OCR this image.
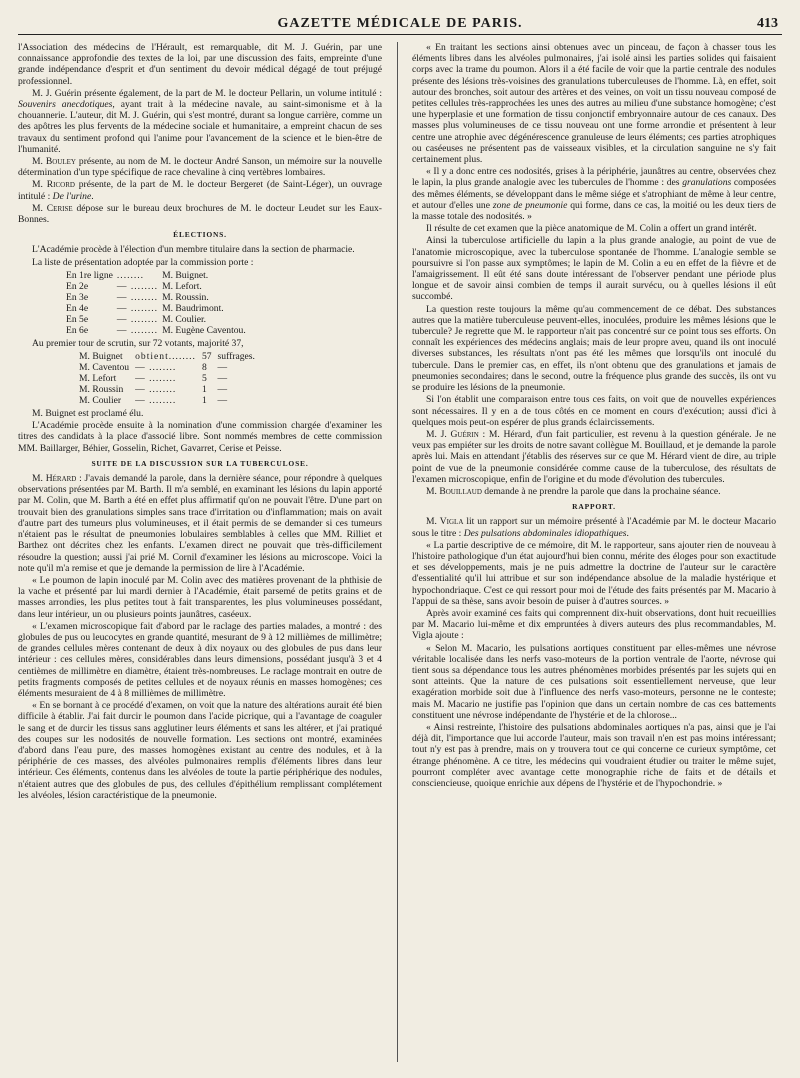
GAZETTE MÉDICALE DE PARIS.	413

l'Association des médecins de l'Hérault, est remarquable, dit M. J. Guérin, par une connaissance approfondie des textes de la loi, par une discussion des faits, empreinte d'une grande indépendance d'esprit et d'un sentiment du devoir médical dégagé de tout préjugé professionnel.

M. J. Guérin présente également, de la part de M. le docteur Pellarin, un volume intitulé : Souvenirs anecdotiques, ayant trait à la médecine navale, au saint-simonisme et à la chouannerie. L'auteur, dit M. J. Guérin, qui s'est montré, durant sa longue carrière, comme un des apôtres les plus fervents de la médecine sociale et humanitaire, a empreint chacun de ses travaux du sentiment profond qui l'anime pour l'avancement de la science et le bien-être de l'humanité.

M. Bouley présente, au nom de M. le docteur André Sanson, un mémoire sur la nouvelle détermination d'un type spécifique de race chevaline à cinq vertèbres lombaires.

M. Ricord présente, de la part de M. le docteur Bergeret (de Saint-Léger), un ouvrage intitulé : De l'urine.

M. Cerise dépose sur le bureau deux brochures de M. le docteur Leudet sur les Eaux-Bonnes.

ÉLECTIONS.

L'Académie procède à l'élection d'un membre titulaire dans la section de pharmacie.

La liste de présentation adoptée par la commission porte :

En 1re ligne	........	M. Buignet.
En 2e	— ........	M. Lefort.
En 3e	— ........	M. Roussin.
En 4e	— ........	M. Baudrimont.
En 5e	— ........	M. Coulier.
En 6e	— ........	M. Eugène Caventou.

Au premier tour de scrutin, sur 72 votants, majorité 37,

M. Buignet	obtient........	57	suffrages.
M. Caventou	— ........	8	—
M. Lefort	— ........	5	—
M. Roussin	— ........	1	—
M. Coulier	— ........	1	—

M. Buignet est proclamé élu.

L'Académie procède ensuite à la nomination d'une commission chargée d'examiner les titres des candidats à la place d'associé libre. Sont nommés membres de cette commission MM. Baillarger, Béhier, Gosselin, Richet, Gavarret, Cerise et Peisse.

SUITE DE LA DISCUSSION SUR LA TUBERCULOSE.

M. Hérard : J'avais demandé la parole, dans la dernière séance, pour répondre à quelques observations présentées par M. Barth. Il m'a semblé, en examinant les lésions du lapin apporté par M. Colin, que M. Barth a été en effet plus affirmatif qu'on ne pouvait l'être. D'une part on trouvait bien des granulations simples sans trace d'irritation ou d'inflammation; mais on avait d'autre part des tumeurs plus volumineuses, et il était permis de se demander si ces tumeurs n'étaient pas le résultat de pneumonies lobulaires semblables à celles que MM. Rilliet et Barthez ont décrites chez les enfants. L'examen direct ne pouvait que très-difficilement résoudre la question; aussi j'ai prié M. Cornil d'examiner les lésions au microscope. Voici la note qu'il m'a remise et que je demande la permission de lire à l'Académie.

« Le poumon de lapin inoculé par M. Colin avec des matières provenant de la phthisie de la vache et présenté par lui mardi dernier à l'Académie, était parsemé de petits grains et de masses arrondies, les plus petites tout à fait transparentes, les plus volumineuses possédant, dans leur intérieur, un ou plusieurs points jaunâtres, caséeux.

« L'examen microscopique fait d'abord par le raclage des parties malades, a montré : des globules de pus ou leucocytes en grande quantité, mesurant de 9 à 12 millièmes de millimètre; de grandes cellules mères contenant de deux à dix noyaux ou des globules de pus dans leur intérieur : ces cellules mères, considérables dans leurs dimensions, possédant jusqu'à 3 et 4 centièmes de millimètre en diamètre, étaient très-nombreuses. Le raclage montrait en outre de petits fragments composés de petites cellules et de noyaux réunis en masses homogènes; ces éléments mesuraient de 4 à 8 millièmes de millimètre.

« En se bornant à ce procédé d'examen, on voit que la nature des altérations aurait été bien difficile à établir. J'ai fait durcir le poumon dans l'acide picrique, qui a l'avantage de coaguler le sang et de durcir les tissus sans agglutiner leurs éléments et sans les altérer, et j'ai pratiqué des coupes sur les nodosités de nouvelle formation. Les sections ont montré, examinées d'abord dans l'eau pure, des masses homogènes existant au centre des nodules, et à la périphérie de ces masses, des alvéoles pulmonaires remplis d'éléments libres dans leur intérieur. Ces éléments, contenus dans les alvéoles de toute la partie périphérique des nodules, n'étaient autres que des globules de pus, des cellules d'épithélium remplissant complétement les alvéoles, lésion caractéristique de la pneumonie.

« En traitant les sections ainsi obtenues avec un pinceau, de façon à chasser tous les éléments libres dans les alvéoles pulmonaires, j'ai isolé ainsi les parties solides qui faisaient corps avec la trame du poumon. Alors il a été facile de voir que la partie centrale des nodules présente des lésions très-voisines des granulations tuberculeuses de l'homme. Là, en effet, soit autour des bronches, soit autour des artères et des veines, on voit un tissu nouveau composé de petites cellules très-rapprochées les unes des autres au milieu d'une substance homogène; c'est une hyperplasie et une formation de tissu conjonctif embryonnaire autour de ces canaux. Des masses plus volumineuses de ce tissu nouveau ont une forme arrondie et présentent à leur centre une atrophie avec dégénérescence granuleuse de leurs éléments; ces parties atrophiques ou caséeuses ne présentent pas de vaisseaux visibles, et la circulation sanguine ne s'y fait certainement plus.

« Il y a donc entre ces nodosités, grises à la périphérie, jaunâtres au centre, observées chez le lapin, la plus grande analogie avec les tubercules de l'homme : des granulations composées des mêmes éléments, se développant dans le même siége et s'atrophiant de même à leur centre, et autour d'elles une zone de pneumonie qui forme, dans ce cas, la moitié ou les deux tiers de la masse totale des nodosités. »

Il résulte de cet examen que la pièce anatomique de M. Colin a offert un grand intérêt.

Ainsi la tuberculose artificielle du lapin a la plus grande analogie, au point de vue de l'anatomie microscopique, avec la tuberculose spontanée de l'homme. L'analogie semble se poursuivre si l'on passe aux symptômes; le lapin de M. Colin a eu en effet de la fièvre et de l'amaigrissement. Il eût été sans doute intéressant de l'observer pendant une période plus longue et de savoir ainsi combien de temps il aurait survécu, ou à quelles lésions il eût succombé.

La question reste toujours la même qu'au commencement de ce débat. Des substances autres que la matière tuberculeuse peuvent-elles, inoculées, produire les mêmes lésions que le tubercule? Je regrette que M. le rapporteur n'ait pas concentré sur ce point tous ses efforts. On connaît les expériences des médecins anglais; mais de leur propre aveu, quand ils ont inoculé diverses substances, les résultats n'ont pas été les mêmes que lorsqu'ils ont inoculé du tubercule. Dans le premier cas, en effet, ils n'ont obtenu que des granulations et jamais de pneumonies secondaires; dans le second, outre la fréquence plus grande des succès, ils ont vu se produire les lésions de la pneumonie.

Si l'on établit une comparaison entre tous ces faits, on voit que de nouvelles expériences sont nécessaires. Il y en a de tous côtés en ce moment en cours d'exécution; aussi d'ici à quelques mois peut-on espérer de plus grands éclaircissements.

M. J. Guérin : M. Hérard, d'un fait particulier, est revenu à la question générale. Je ne veux pas empiéter sur les droits de notre savant collègue M. Bouillaud, et je demande la parole après lui. Mais en attendant j'établis des réserves sur ce que M. Hérard vient de dire, au triple point de vue de la pneumonie considérée comme cause de la tuberculose, des résultats de l'examen microscopique, enfin de l'origine et du mode d'évolution des tubercules.

M. Bouillaud demande à ne prendre la parole que dans la prochaine séance.

RAPPORT.

M. Vigla lit un rapport sur un mémoire présenté à l'Académie par M. le docteur Macario sous le titre : Des pulsations abdominales idiopathiques.

« La partie descriptive de ce mémoire, dit M. le rapporteur, sans ajouter rien de nouveau à l'histoire pathologique d'un état aujourd'hui bien connu, mérite des éloges pour son exactitude et ses développements, mais je ne puis admettre la doctrine de l'auteur sur le caractère d'essentialité qu'il lui attribue et sur son indépendance absolue de la maladie hystérique et hypochondriaque. C'est ce qui ressort pour moi de l'étude des faits présentés par M. Macario à l'appui de sa thèse, sans avoir besoin de puiser à d'autres sources. »

Après avoir examiné ces faits qui comprennent dix-huit observations, dont huit recueillies par M. Macario lui-même et dix empruntées à divers auteurs des plus recommandables, M. Vigla ajoute :

« Selon M. Macario, les pulsations aortiques constituent par elles-mêmes une névrose véritable localisée dans les nerfs vaso-moteurs de la portion ventrale de l'aorte, névrose qui tient sous sa dépendance tous les autres phénomènes morbides présentés par les sujets qui en sont atteints. Que la nature de ces pulsations soit essentiellement nerveuse, que leur exagération morbide soit due à l'influence des nerfs vaso-moteurs, personne ne le conteste; mais M. Macario ne justifie pas l'opinion que dans un certain nombre de cas ces battements constituent une névrose indépendante de l'hystérie et de la chlorose...

« Ainsi restreinte, l'histoire des pulsations abdominales aortiques n'a pas, ainsi que je l'ai déjà dit, l'importance que lui accorde l'auteur, mais son travail n'en est pas moins intéressant; tout n'y est pas à prendre, mais on y trouvera tout ce qui concerne ce curieux symptôme, cet étrange phénomène. A ce titre, les médecins qui voudraient étudier ou traiter le même sujet, pourront compléter avec avantage cette monographie riche de faits et de détails et consciencieuse, quoique enrichie aux dépens de l'hystérie et de l'hypochondrie. »
